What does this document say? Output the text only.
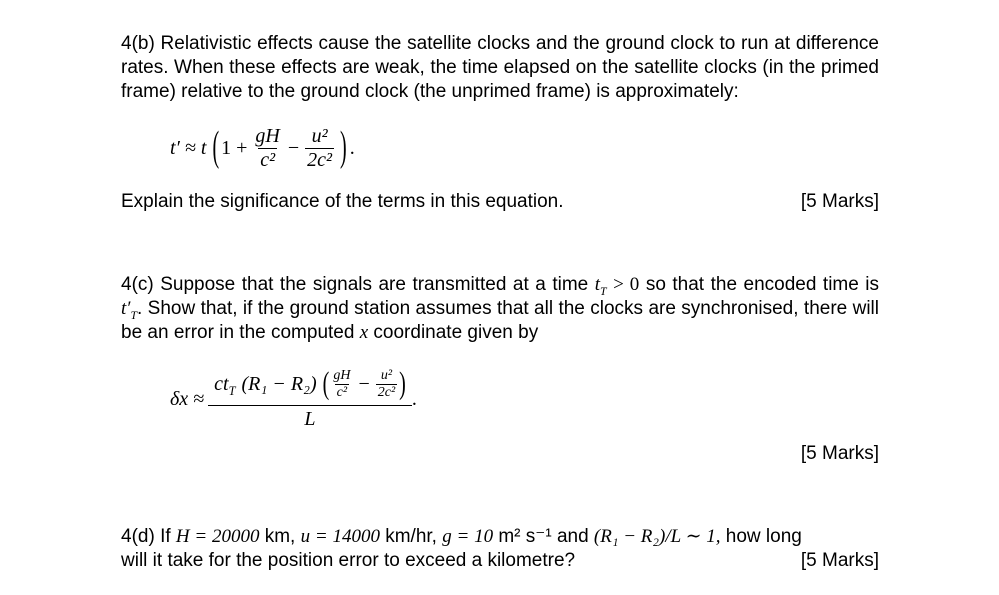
4(b) Relativistic effects cause the satellite clocks and the ground clock to run at difference rates. When these effects are weak, the time elapsed on the satellite clocks (in the primed frame) relative to the ground clock (the unprimed frame) is approximately:
t′ ≈ t ( $1 + \frac{gH}{\text{c²}} - \frac{\text{u²}}{\text{2c²}}$ ) .
Explain the significance of the terms in this equation.	[5 Marks]
4(c) Suppose that the signals are transmitted at a time $t_T > 0$ so that the encoded time is $t'_T$. Show that, if the ground station assumes that all the clocks are synchronised, there will be an error in the computed x coordinate given by
δx ≈
$ct_T$ (R₁ − R₂) ( $\frac{gH}{\text{c²}} - \frac{\text{u²}}{\text{2c²}}$ )
L
.
[5 Marks]
4(d) If H = 20000 km, u = 14000 km/hr, g = 10 m² s⁻¹ and (R₁ − R₂)/L ∼ 1, how long
will it take for the position error to exceed a kilometre?	[5 Marks]
